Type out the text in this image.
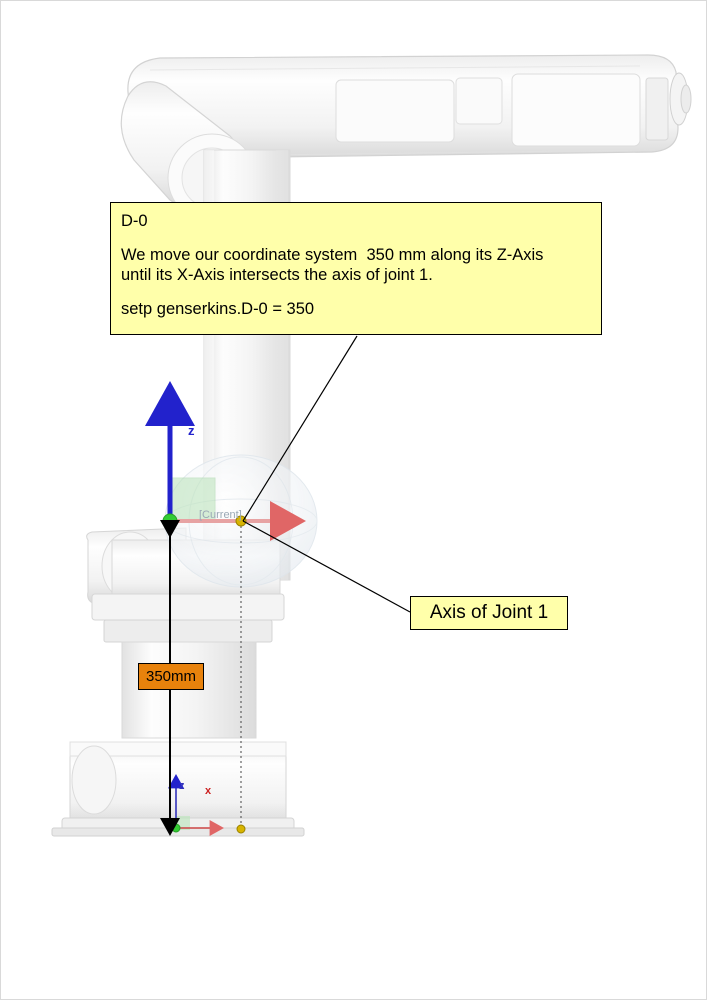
D-0
We move our coordinate system  350 mm along its Z-Axis
until its X-Axis intersects the axis of joint 1.
setp genserkins.D-0 = 350
Axis of Joint 1
350mm
z
z x
[Current]
